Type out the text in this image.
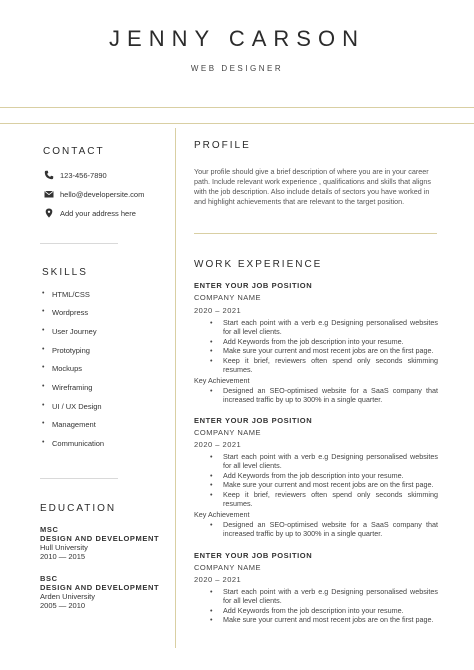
JENNY CARSON
WEB DESIGNER
CONTACT
123-456-7890
hello@developersite.com
Add your address here
SKILLS
• HTML/CSS
• Wordpress
• User Journey
• Prototyping
• Mockups
• Wireframing
• UI / UX Design
• Management
• Communication
EDUCATION
MSC
DESIGN AND DEVELOPMENT
Hull University
2010 — 2015
BSC
DESIGN AND DEVELOPMENT
Arden University
2005 — 2010
PROFILE
Your profile should give a brief description of where you are in your career path. Include relevant work experience , qualifications and skills that aligns with the job description. Also include details of sectors you have worked in and highlight achievements that are relevant to the target position.
WORK EXPERIENCE
ENTER YOUR JOB POSITION
COMPANY NAME
2020 – 2021
• Start each point with a verb e.g Designing personalised websites for all level clients.
• Add Keywords from the job description into your resume.
• Make sure your current and most recent jobs are on the first page.
• Keep it brief, reviewers often spend only seconds skimming resumes.
Key Achievement
• Designed an SEO-optimised website for a SaaS company that increased traffic by up to 300% in a single quarter.
ENTER YOUR JOB POSITION
COMPANY NAME
2020 – 2021
• Start each point with a verb e.g Designing personalised websites for all level clients.
• Add Keywords from the job description into your resume.
• Make sure your current and most recent jobs are on the first page.
• Keep it brief, reviewers often spend only seconds skimming resumes.
Key Achievement
• Designed an SEO-optimised website for a SaaS company that increased traffic by up to 300% in a single quarter.
ENTER YOUR JOB POSITION
COMPANY NAME
2020 – 2021
• Start each point with a verb e.g Designing personalised websites for all level clients.
• Add Keywords from the job description into your resume.
• Make sure your current and most recent jobs are on the first page.
